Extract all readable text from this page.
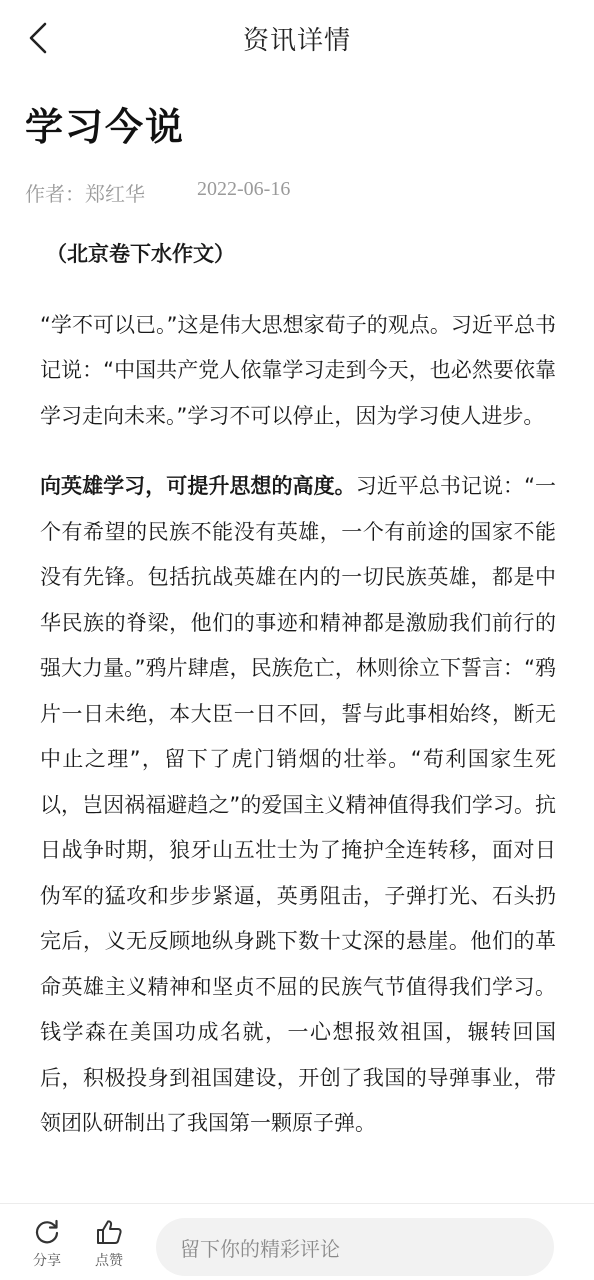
资讯详情
学习今说
作者： 郑红华	2022-06-16
（北京卷下水作文）

“学不可以已。”这是伟大思想家荀子的观点。习近平总书记说：“中国共产党人依靠学习走到今天，也必然要依靠学习走向未来。”学习不可以停止，因为学习使人进步。

向英雄学习，可提升思想的高度。习近平总书记说：“一个有希望的民族不能没有英雄，一个有前途的国家不能没有先锋。包括抗战英雄在内的一切民族英雄，都是中华民族的脊梁，他们的事迹和精神都是激励我们前行的强大力量。”鸦片肆虐，民族危亡，林则徐立下誓言：“鸦片一日未绝，本大臣一日不回，誓与此事相始终，断无中止之理”，留下了虎门销烟的壮举。“苟利国家生死以，岂因祸福避趋之”的爱国主义精神值得我们学习。抗日战争时期，狼牙山五壮士为了掩护全连转移，面对日伪军的猛攻和步步紧逼，英勇阻击，子弹打光、石头扔完后，义无反顾地纵身跳下数十丈深的悬崖。他们的革命英雄主义精神和坚贞不屈的民族气节值得我们学习。钱学森在美国功成名就，一心想报效祖国，辗转回国后，积极投身到祖国建设，开创了我国的导弹事业，带领团队研制出了我国第一颗原子弹。

分享 点赞
留下你的精彩评论
